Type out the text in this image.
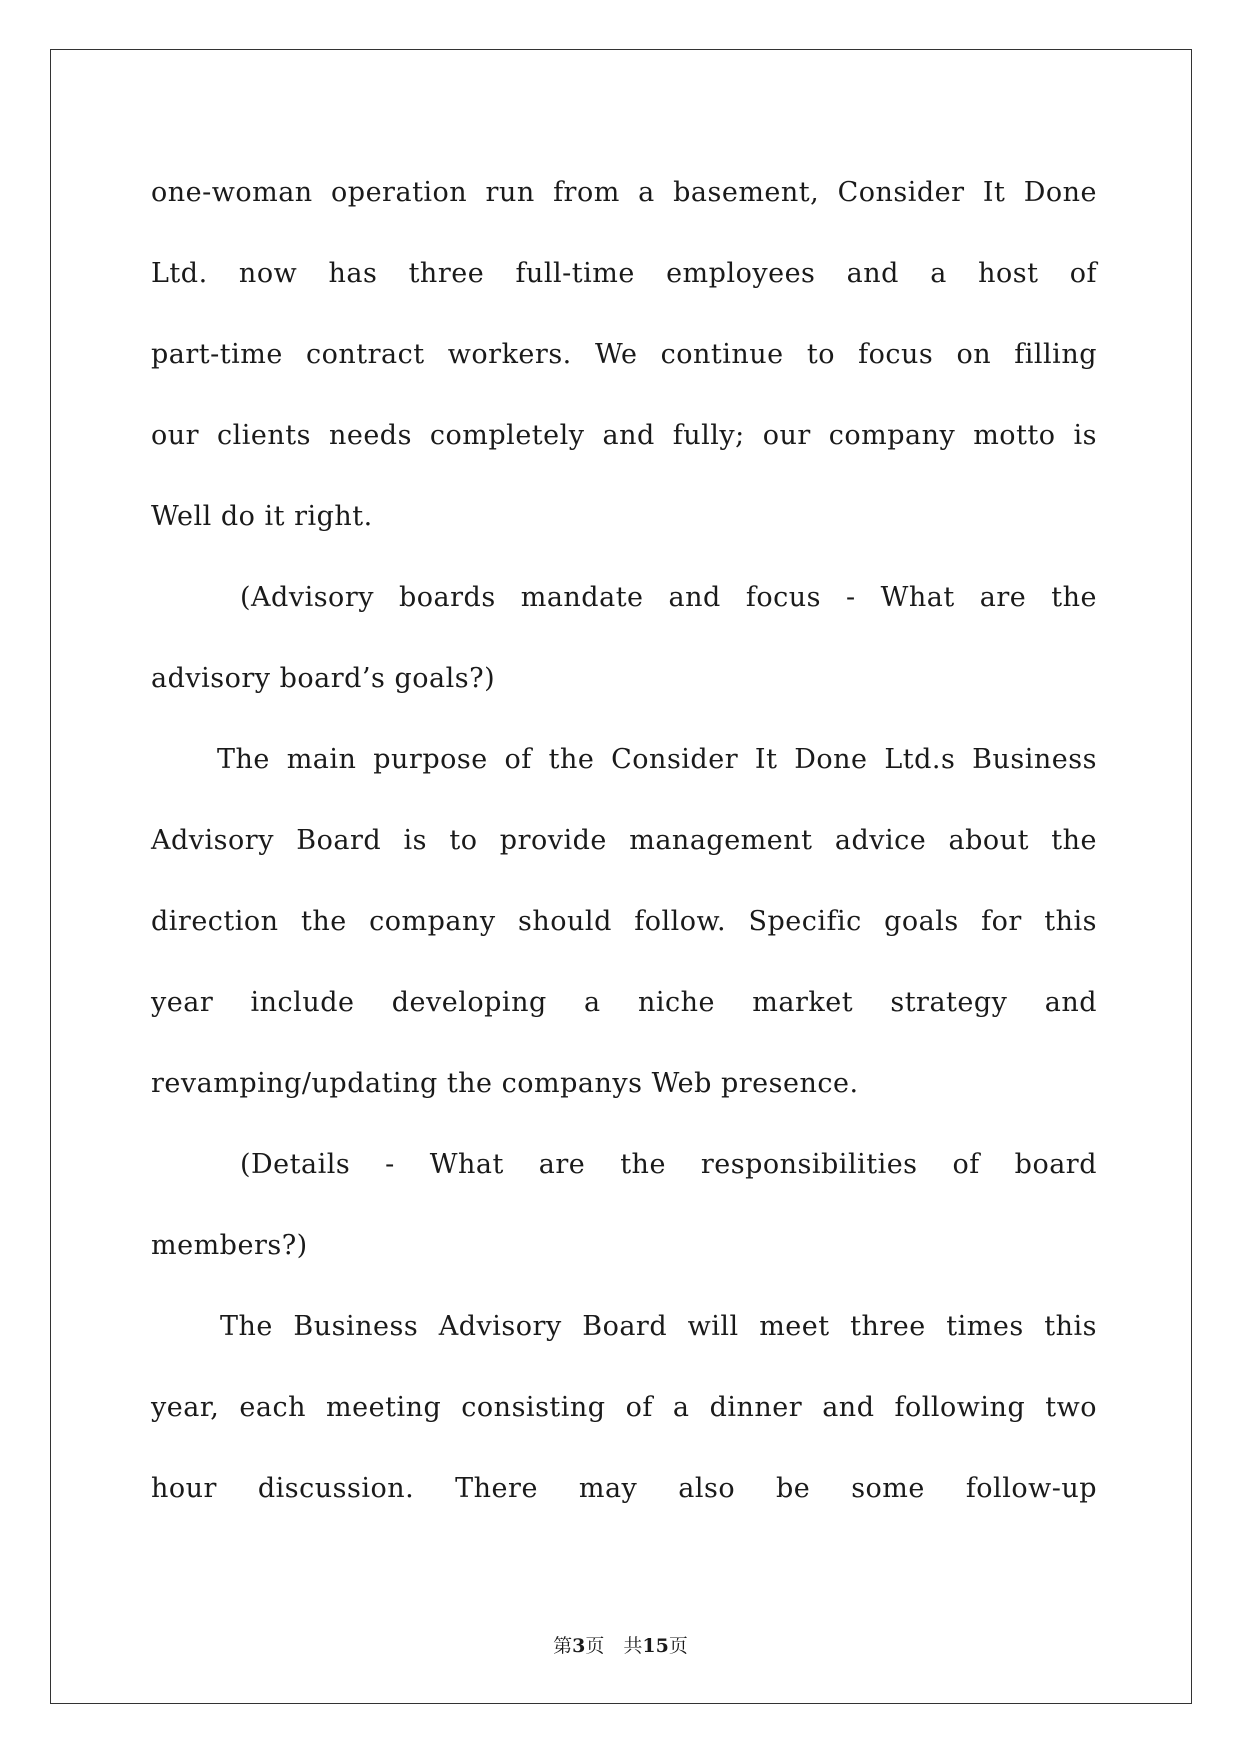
one-woman operation run from a basement, Consider It Done
Ltd. now has three full-time employees and a host of
part-time contract workers. We continue to focus on filling
our clients needs completely and fully; our company motto is
Well do it right.
(Advisory boards mandate and focus - What are the
advisory board’s goals?)
The main purpose of the Consider It Done Ltd.s Business
Advisory Board is to provide management advice about the
direction the company should follow. Specific goals for this
year include developing a niche market strategy and
revamping/updating the companys Web presence.
(Details - What are the responsibilities of board
members?)
The Business Advisory Board will meet three times this
year, each meeting consisting of a dinner and following two
hour discussion. There may also be some follow-up
第3页　共15页
